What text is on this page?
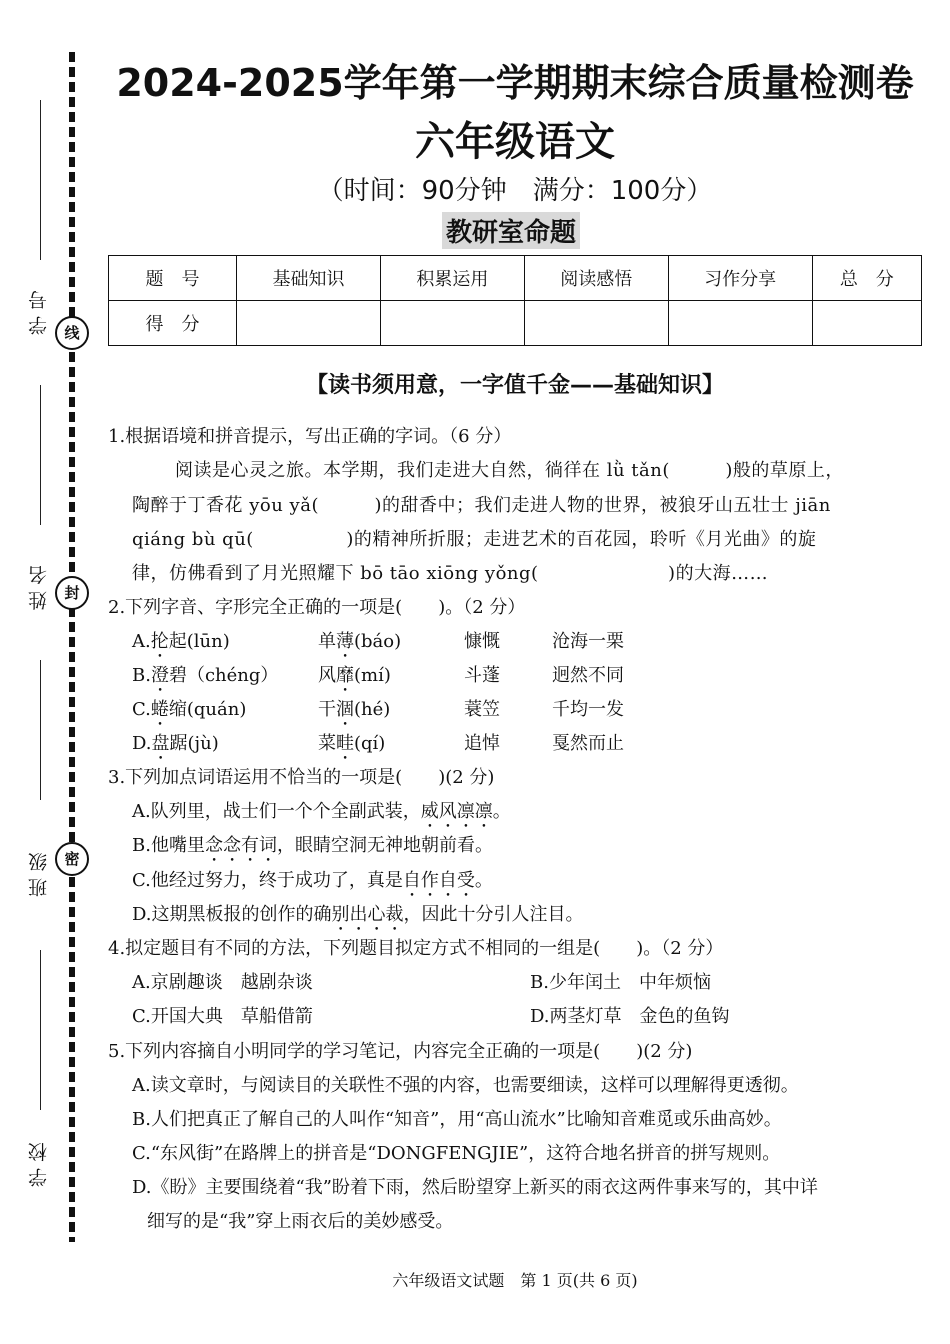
学 号
姓 名
班 级
学 校
线
封
密
2024-2025学年第一学期期末综合质量检测卷
六年级语文
（时间：90分钟　满分：100分）
教研室命题
题　号	基础知识	积累运用	阅读感悟	习作分享	总　分
得　分					
【读书须用意，一字值千金——基础知识】
1.根据语境和拼音提示，写出正确的字词。（6 分）
阅读是心灵之旅。本学期，我们走进大自然，徜徉在 lǜ tǎn(　　　)般的草原上，
陶醉于丁香花 yōu yǎ(　　　)的甜香中；我们走进人物的世界，被狼牙山五壮士 jiān
qiáng bù qū(　　　　　)的精神所折服；走进艺术的百花园，聆听《月光曲》的旋
律，仿佛看到了月光照耀下 bō tāo xiōng yǒng(　　　　　　　)的大海……
2.下列字音、字形完全正确的一项是(　　)。（2 分）
A.抡起(lūn)	单薄(báo)	慷慨	沧海一栗
B.澄碧（chéng） 风靡(mí)	斗蓬	迥然不同
C.蜷缩(quán)	干涸(hé)	蓑笠	千均一发
D.盘踞(jù)	菜畦(qí)	追悼	戛然而止
3.下列加点词语运用不恰当的一项是(　　)(2 分)
A.队列里，战士们一个个全副武装，威风凛凛。
B.他嘴里念念有词，眼睛空洞无神地朝前看。
C.他经过努力，终于成功了，真是自作自受。
D.这期黑板报的创作的确别出心裁，因此十分引人注目。
4.拟定题目有不同的方法，下列题目拟定方式不相同的一组是(　　)。（2 分）
A.京剧趣谈　越剧杂谈	B.少年闰土　中年烦恼
C.开国大典　草船借箭	D.两茎灯草　金色的鱼钩
5.下列内容摘自小明同学的学习笔记，内容完全正确的一项是(　　)(2 分)
A.读文章时，与阅读目的关联性不强的内容，也需要细读，这样可以理解得更透彻。
B.人们把真正了解自己的人叫作“知音”，用“高山流水”比喻知音难觅或乐曲高妙。
C.“东风街”在路牌上的拼音是“DONGFENGJIE”，这符合地名拼音的拼写规则。
D.《盼》主要围绕着“我”盼着下雨，然后盼望穿上新买的雨衣这两件事来写的，其中详
细写的是“我”穿上雨衣后的美妙感受。
六年级语文试题　第 1 页(共 6 页)
